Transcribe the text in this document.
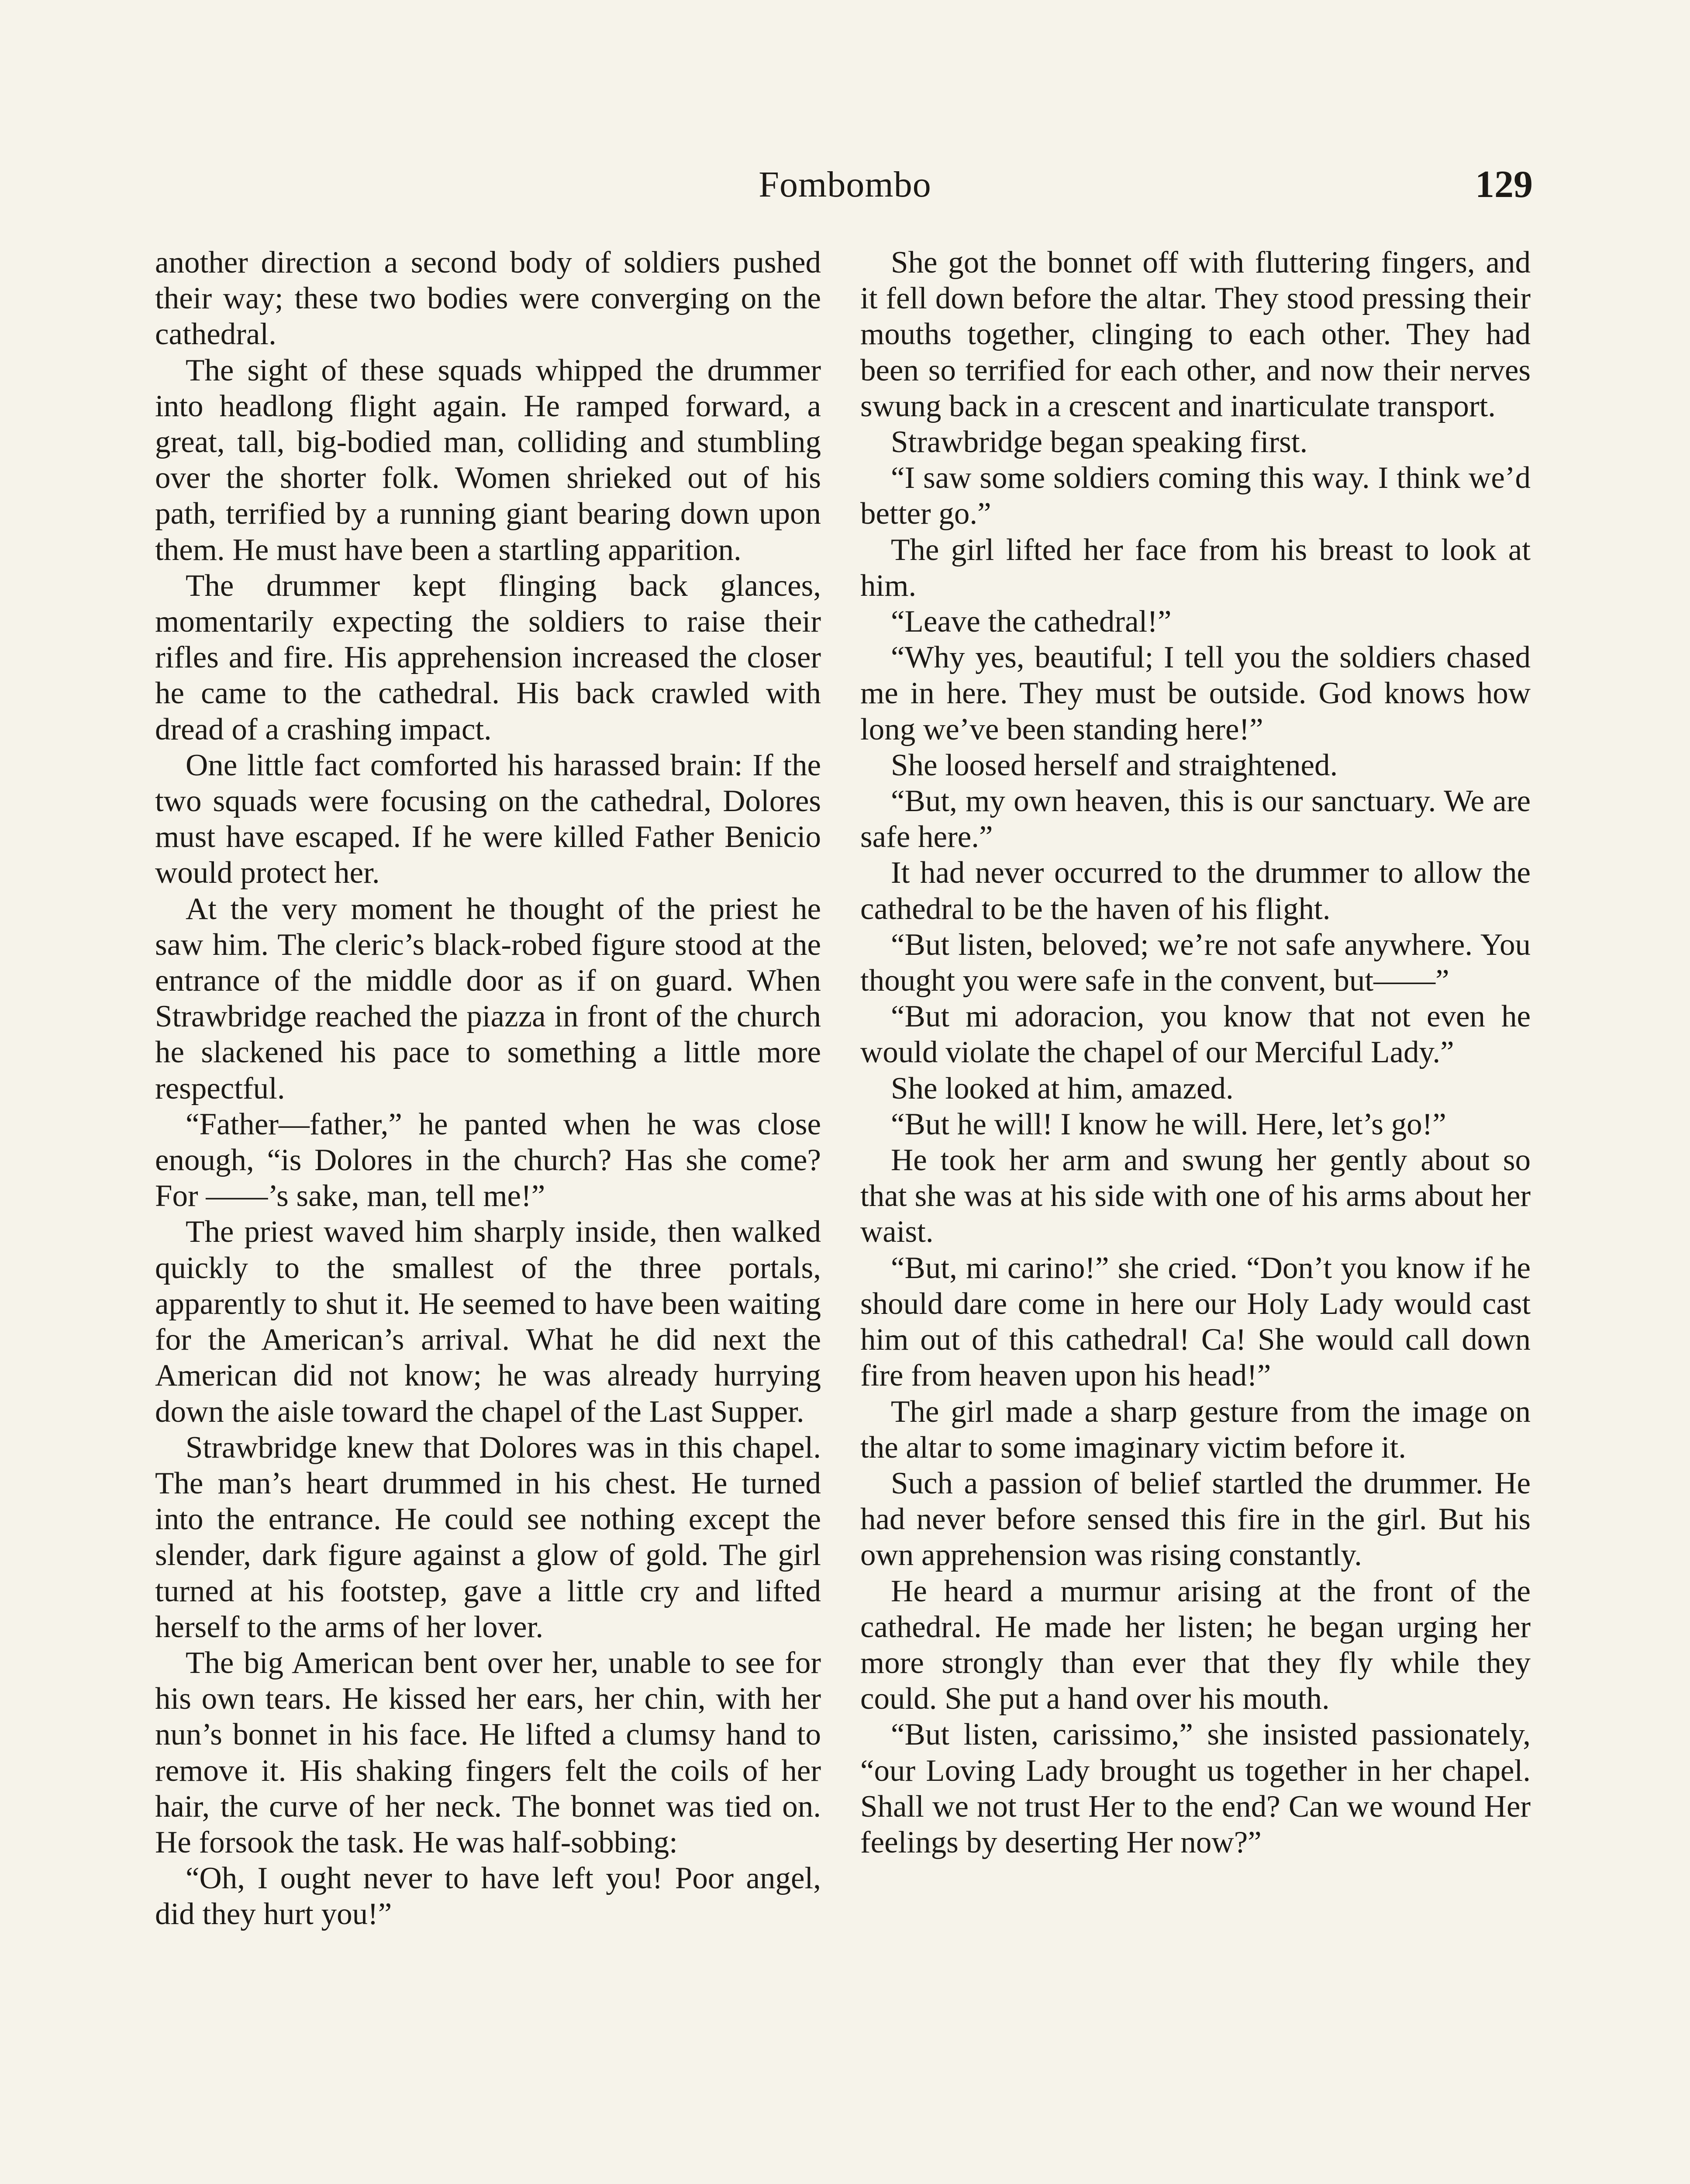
Fombombo	129

another direction a second body of soldiers pushed their way; these two bodies were converging on the cathedral.

The sight of these squads whipped the drummer into headlong flight again. He ramped forward, a great, tall, big-bodied man, colliding and stumbling over the shorter folk. Women shrieked out of his path, terrified by a running giant bearing down upon them. He must have been a startling apparition.

The drummer kept flinging back glances, momentarily expecting the soldiers to raise their rifles and fire. His apprehension increased the closer he came to the cathedral. His back crawled with dread of a crashing impact.

One little fact comforted his harassed brain: If the two squads were focusing on the cathedral, Dolores must have escaped. If he were killed Father Benicio would protect her.

At the very moment he thought of the priest he saw him. The cleric’s black-robed figure stood at the entrance of the middle door as if on guard. When Strawbridge reached the piazza in front of the church he slackened his pace to something a little more respectful.

“Father—father,” he panted when he was close enough, “is Dolores in the church? Has she come? For ——’s sake, man, tell me!”

The priest waved him sharply inside, then walked quickly to the smallest of the three portals, apparently to shut it. He seemed to have been waiting for the American’s arrival. What he did next the American did not know; he was already hurrying down the aisle toward the chapel of the Last Supper.

Strawbridge knew that Dolores was in this chapel. The man’s heart drummed in his chest. He turned into the entrance. He could see nothing except the slender, dark figure against a glow of gold. The girl turned at his footstep, gave a little cry and lifted herself to the arms of her lover.

The big American bent over her, unable to see for his own tears. He kissed her ears, her chin, with her nun’s bonnet in his face. He lifted a clumsy hand to remove it. His shaking fingers felt the coils of her hair, the curve of her neck. The bonnet was tied on. He forsook the task. He was half-sobbing:

“Oh, I ought never to have left you! Poor angel, did they hurt you!”

She got the bonnet off with fluttering fingers, and it fell down before the altar. They stood pressing their mouths together, clinging to each other. They had been so terrified for each other, and now their nerves swung back in a crescent and inarticulate transport.

Strawbridge began speaking first.

“I saw some soldiers coming this way. I think we’d better go.”

The girl lifted her face from his breast to look at him.

“Leave the cathedral!”

“Why yes, beautiful; I tell you the soldiers chased me in here. They must be outside. God knows how long we’ve been standing here!”

She loosed herself and straightened.

“But, my own heaven, this is our sanctuary. We are safe here.”

It had never occurred to the drummer to allow the cathedral to be the haven of his flight.

“But listen, beloved; we’re not safe anywhere. You thought you were safe in the convent, but——”

“But mi adoracion, you know that not even he would violate the chapel of our Merciful Lady.”

She looked at him, amazed.

“But he will! I know he will. Here, let’s go!”

He took her arm and swung her gently about so that she was at his side with one of his arms about her waist.

“But, mi carino!” she cried. “Don’t you know if he should dare come in here our Holy Lady would cast him out of this cathedral! Ca! She would call down fire from heaven upon his head!”

The girl made a sharp gesture from the image on the altar to some imaginary victim before it.

Such a passion of belief startled the drummer. He had never before sensed this fire in the girl. But his own apprehension was rising constantly.

He heard a murmur arising at the front of the cathedral. He made her listen; he began urging her more strongly than ever that they fly while they could. She put a hand over his mouth.

“But listen, carissimo,” she insisted passionately, “our Loving Lady brought us together in her chapel. Shall we not trust Her to the end? Can we wound Her feelings by deserting Her now?”
